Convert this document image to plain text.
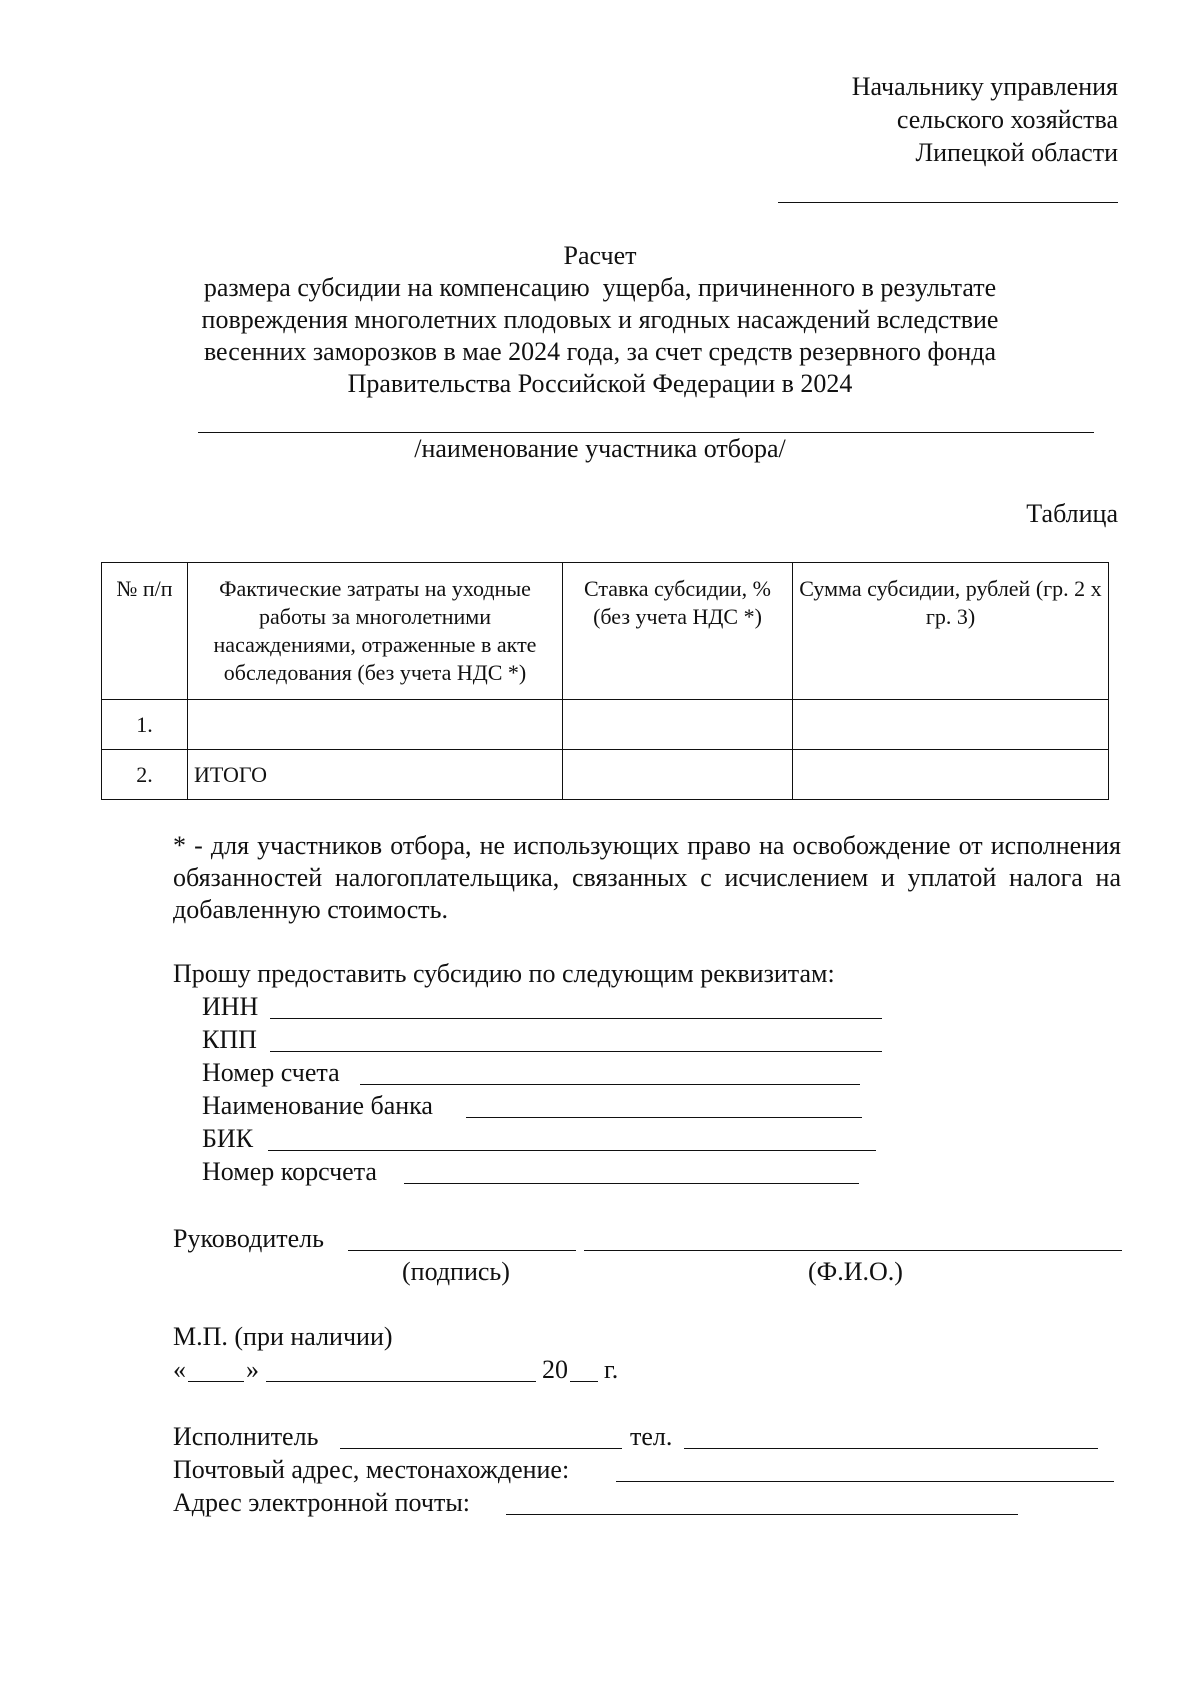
Начальнику управления
сельского хозяйства
Липецкой области
Расчет
размера субсидии на компенсацию  ущерба, причиненного в результате
повреждения многолетних плодовых и ягодных насаждений вследствие
весенних заморозков в мае 2024 года, за счет средств резервного фонда
Правительства Российской Федерации в 2024
/наименование участника отбора/
Таблица
№ п/п	Фактические затраты на уходные работы за многолетними насаждениями, отраженные в акте обследования (без учета НДС *)	Ставка субсидии, % (без учета НДС *)	Сумма субсидии, рублей (гр. 2 х гр. 3)
1.			
2.	ИТОГО		
* - для участников отбора, не использующих право на освобождение от исполнения обязанностей налогоплательщика, связанных с исчислением и уплатой налога на добавленную стоимость.
Прошу предоставить субсидию по следующим реквизитам:
ИНН
КПП
Номер счета
Наименование банка
БИК
Номер корсчета
Руководитель
(подпись)	(Ф.И.О.)
М.П. (при наличии)
« »	20 г.
Исполнитель	тел.
Почтовый адрес, местонахождение:
Адрес электронной почты:
